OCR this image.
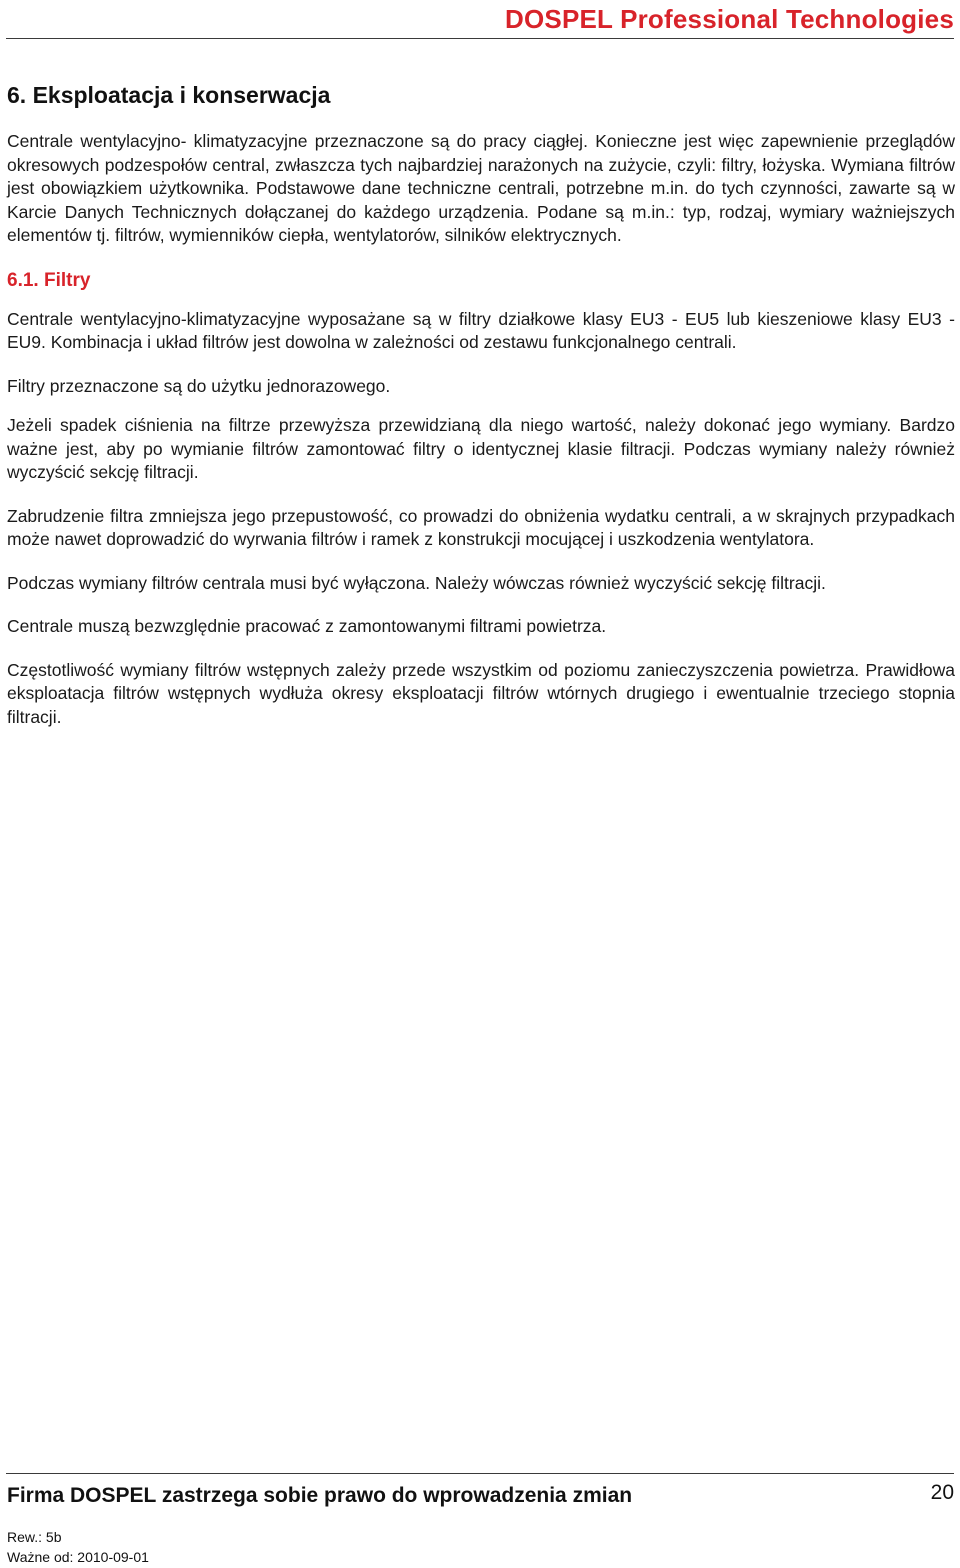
DOSPEL Professional Technologies
6. Eksploatacja i konserwacja

Centrale wentylacyjno- klimatyzacyjne przeznaczone są do pracy ciągłej. Konieczne jest więc zapewnienie przeglądów okresowych podzespołów central, zwłaszcza tych najbardziej narażonych na zużycie, czyli: filtry, łożyska. Wymiana filtrów jest obowiązkiem użytkownika. Podstawowe dane techniczne centrali, potrzebne m.in. do tych czynności, zawarte są w Karcie Danych Technicznych dołączanej do każdego urządzenia. Podane są m.in.: typ, rodzaj, wymiary ważniejszych elementów tj. filtrów, wymienników ciepła, wentylatorów, silników elektrycznych.

6.1. Filtry

Centrale wentylacyjno-klimatyzacyjne wyposażane są w filtry działkowe klasy EU3 - EU5 lub kieszeniowe klasy EU3 - EU9. Kombinacja i układ filtrów jest dowolna w zależności od zestawu funkcjonalnego centrali.

Filtry przeznaczone są do użytku jednorazowego.

Jeżeli spadek ciśnienia na filtrze przewyższa przewidzianą dla niego wartość, należy dokonać jego wymiany. Bardzo ważne jest, aby po wymianie filtrów zamontować filtry o identycznej klasie filtracji. Podczas wymiany należy również wyczyścić sekcję filtracji.

Zabrudzenie filtra zmniejsza jego przepustowość, co prowadzi do obniżenia wydatku centrali, a w skrajnych przypadkach może nawet doprowadzić do wyrwania filtrów i ramek z konstrukcji mocującej i uszkodzenia wentylatora.

Podczas wymiany filtrów centrala musi być wyłączona. Należy wówczas również wyczyścić sekcję filtracji.

Centrale muszą bezwzględnie pracować z zamontowanymi filtrami powietrza.

Częstotliwość wymiany filtrów wstępnych zależy przede wszystkim od poziomu zanieczyszczenia powietrza. Prawidłowa eksploatacja filtrów wstępnych wydłuża okresy eksploatacji filtrów wtórnych drugiego i ewentualnie trzeciego stopnia filtracji.

Firma DOSPEL zastrzega sobie prawo do wprowadzenia zmian	20
Rew.: 5b
Ważne od: 2010-09-01
